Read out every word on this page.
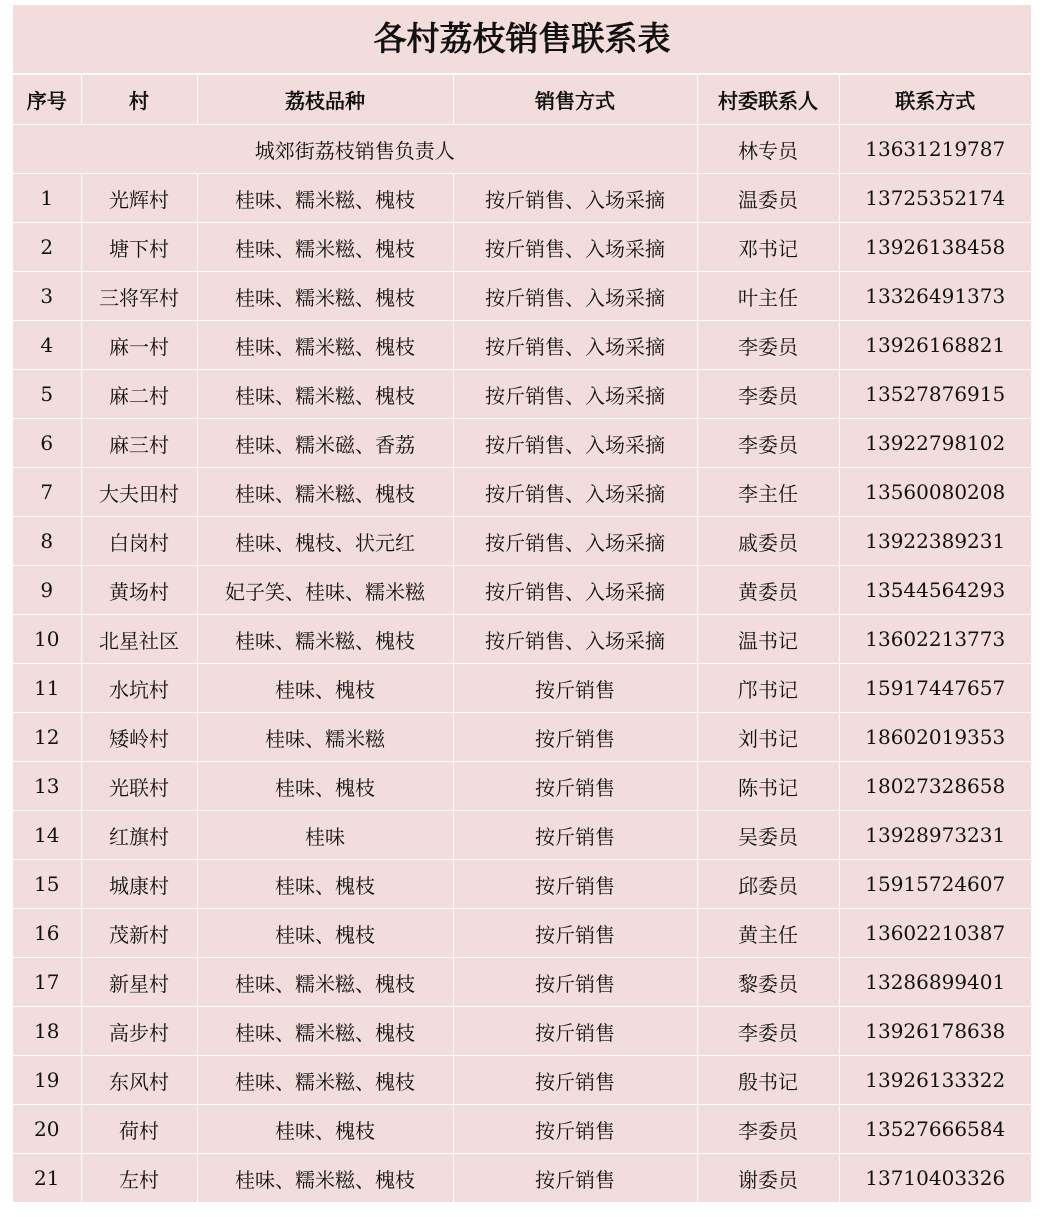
各村荔枝销售联系表
序号	村	荔枝品种	销售方式	村委联系人	联系方式
城郊街荔枝销售负责人				林专员	13631219787
1	光辉村	桂味、糯米糍、槐枝	按斤销售、入场采摘	温委员	13725352174
2	塘下村	桂味、糯米糍、槐枝	按斤销售、入场采摘	邓书记	13926138458
3	三将军村	桂味、糯米糍、槐枝	按斤销售、入场采摘	叶主任	13326491373
4	麻一村	桂味、糯米糍、槐枝	按斤销售、入场采摘	李委员	13926168821
5	麻二村	桂味、糯米糍、槐枝	按斤销售、入场采摘	李委员	13527876915
6	麻三村	桂味、糯米磁、香荔	按斤销售、入场采摘	李委员	13922798102
7	大夫田村	桂味、糯米糍、槐枝	按斤销售、入场采摘	李主任	13560080208
8	白岗村	桂味、槐枝、状元红	按斤销售、入场采摘	戚委员	13922389231
9	黄场村	妃子笑、桂味、糯米糍	按斤销售、入场采摘	黄委员	13544564293
10	北星社区	桂味、糯米糍、槐枝	按斤销售、入场采摘	温书记	13602213773
11	水坑村	桂味、槐枝	按斤销售	邝书记	15917447657
12	矮岭村	桂味、糯米糍	按斤销售	刘书记	18602019353
13	光联村	桂味、槐枝	按斤销售	陈书记	18027328658
14	红旗村	桂味	按斤销售	吴委员	13928973231
15	城康村	桂味、槐枝	按斤销售	邱委员	15915724607
16	茂新村	桂味、槐枝	按斤销售	黄主任	13602210387
17	新星村	桂味、糯米糍、槐枝	按斤销售	黎委员	13286899401
18	高步村	桂味、糯米糍、槐枝	按斤销售	李委员	13926178638
19	东风村	桂味、糯米糍、槐枝	按斤销售	殷书记	13926133322
20	荷村	桂味、槐枝	按斤销售	李委员	13527666584
21	左村	桂味、糯米糍、槐枝	按斤销售	谢委员	13710403326
